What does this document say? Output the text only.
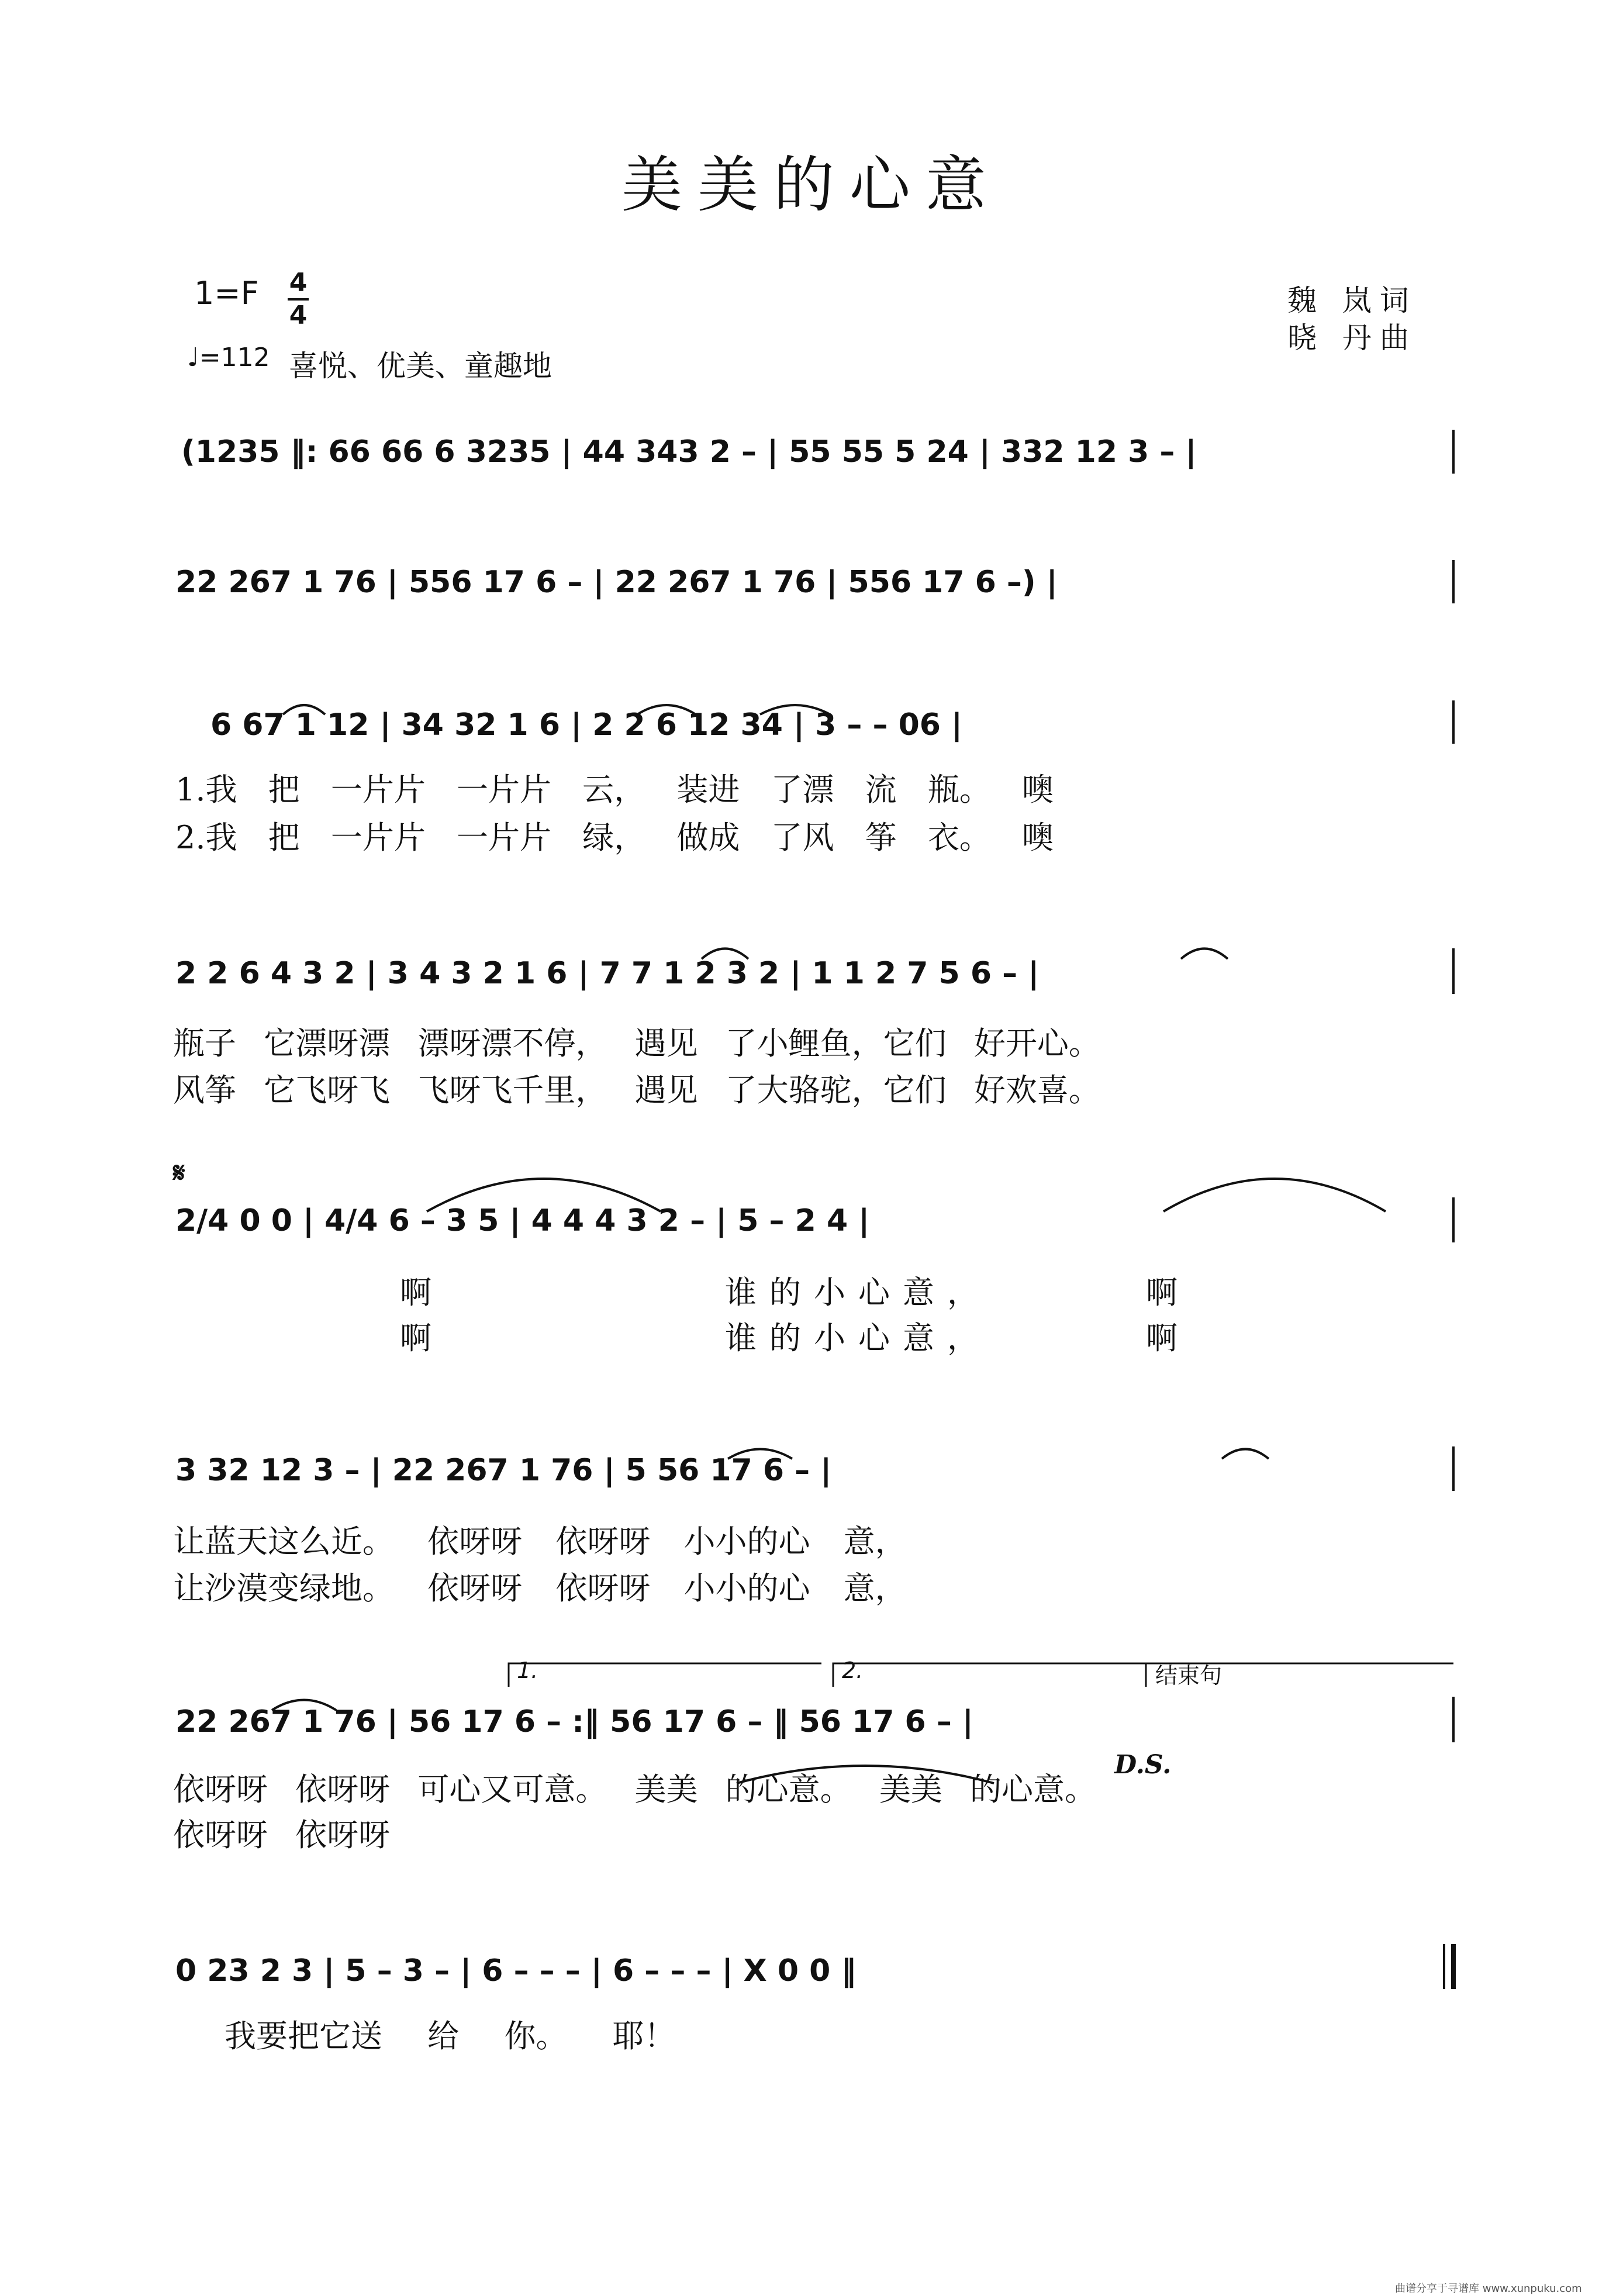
美美的心意
1=F 4
4
♩=112 喜悦、优美、童趣地
魏 岚词
晓 丹曲
(1235 ‖: 66 66 6 3235 | 44 343 2 – | 55 55 5 24 | 332 12 3 – |
22 267 1 76 | 556 17 6 – | 22 267 1 76 | 556 17 6 –) |
6 67 1 12 | 34 32 1 6 | 2 2 6 12 34 | 3 – – 06 |
2 2 6 4 3 2 | 3 4 3 2 1 6 | 7 7 1 2 3 2 | 1 1 2 7 5 6 – |
2/4 0 0 | 4/4 6 – 3 5 | 4 4 4 3 2 – | 5 – 2 4 |
3 32 12 3 – | 22 267 1 76 | 5 56 17 6 – |
22 267 1 76 | 56 17 6 – :‖ 56 17 6 – ‖ 56 17 6 – |
0 23 2 3 | 5 – 3 – | 6 – – – | 6 – – – | X 0 0 ‖
1.	2.	结束句
D.S.
𝄋
1.我 把 一片片 一片片 云， 装进 了漂 流 瓶。 噢
2.我 把 一片片 一片片 绿， 做成 了风 筝 衣。 噢
瓶子 它漂呀漂 漂呀漂不停， 遇见 了小鲤鱼，它们 好开心。
风筝 它飞呀飞 飞呀飞千里， 遇见 了大骆驼，它们 好欢喜。
啊	谁的小心意，	啊
啊	谁的小心意，	啊
让蓝天这么近。 依呀呀 依呀呀 小小的心 意，
让沙漠变绿地。 依呀呀 依呀呀 小小的心 意，
依呀呀 依呀呀 可心又可意。 美美 的心意。 美美 的心意。
依呀呀 依呀呀
我要把它送 给 你。 耶！
曲谱分享于寻谱库 www.xunpuku.com
